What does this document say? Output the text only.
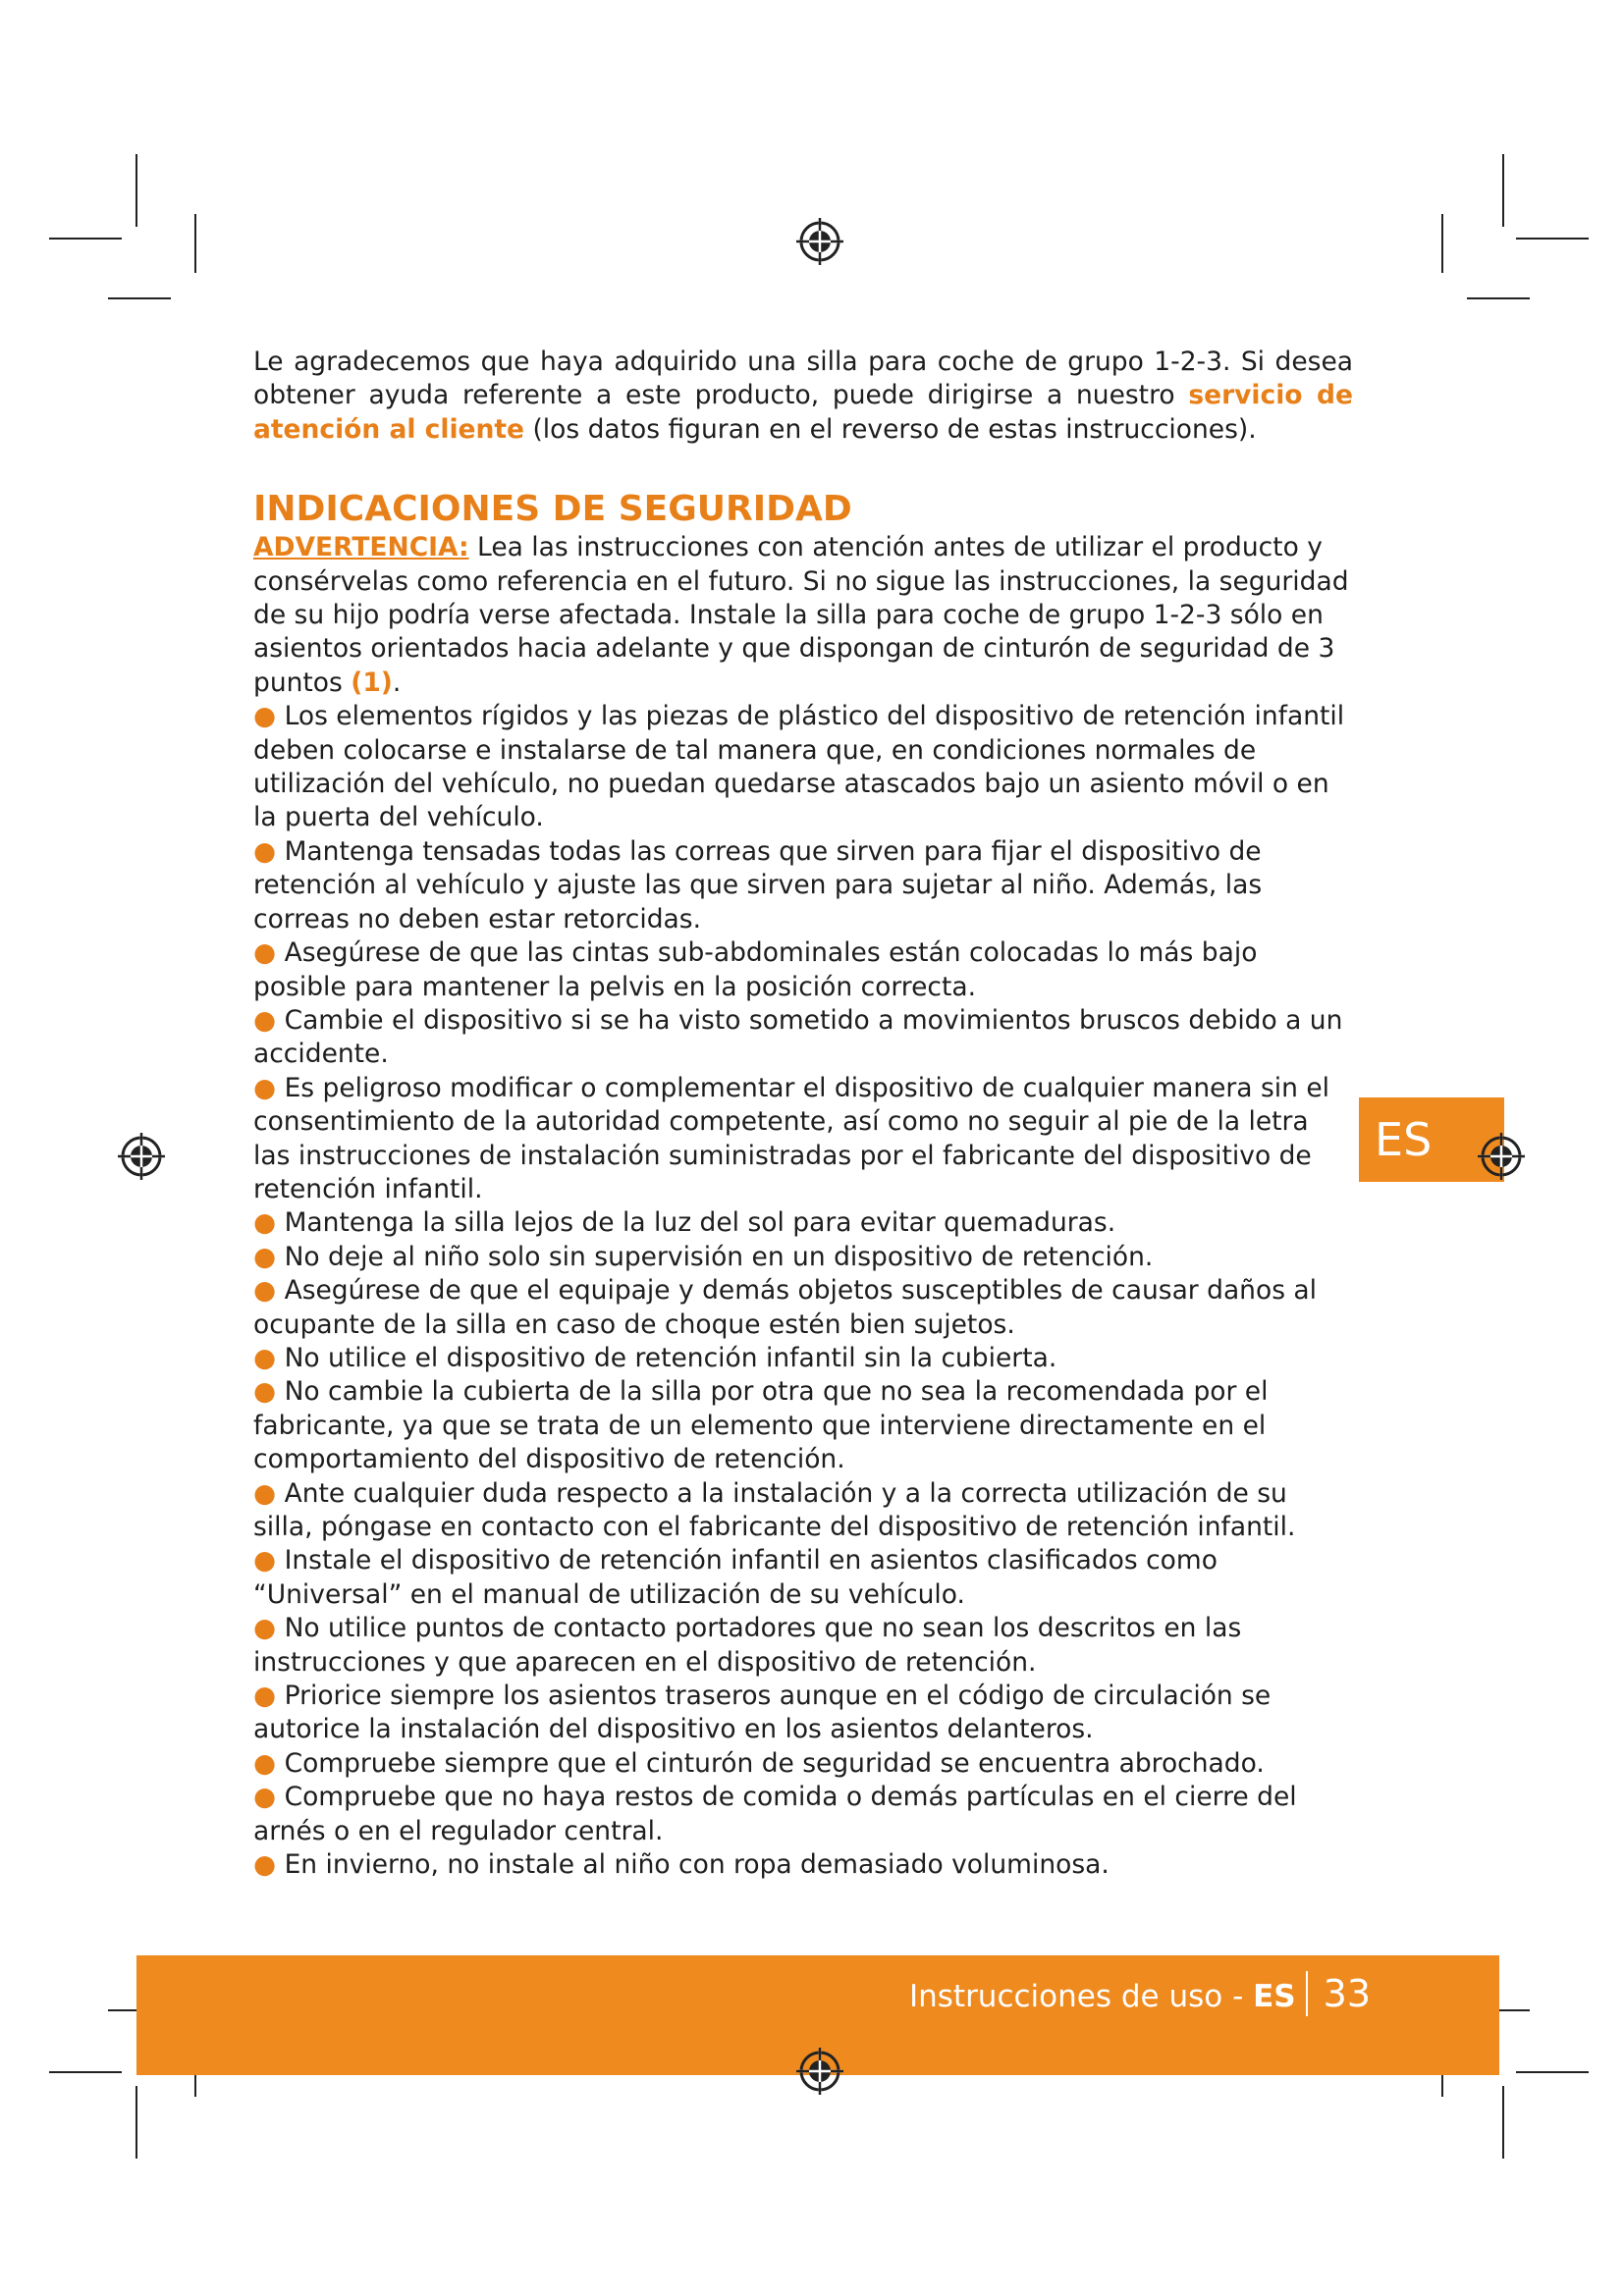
Le agradecemos que haya adquirido una silla para coche de grupo 1-2-3. Si desea obtener ayuda referente a este producto, puede dirigirse a nuestro servicio de atención al cliente (los datos figuran en el reverso de estas instrucciones).

INDICACIONES DE SEGURIDAD

ADVERTENCIA: Lea las instrucciones con atención antes de utilizar el producto y consérvelas como referencia en el futuro. Si no sigue las instrucciones, la seguridad de su hijo podría verse afectada. Instale la silla para coche de grupo 1-2-3 sólo en asientos orientados hacia adelante y que dispongan de cinturón de seguridad de 3 puntos (1).

● Los elementos rígidos y las piezas de plástico del dispositivo de retención infantil deben colocarse e instalarse de tal manera que, en condiciones normales de utilización del vehículo, no puedan quedarse atascados bajo un asiento móvil o en la puerta del vehículo.
● Mantenga tensadas todas las correas que sirven para fijar el dispositivo de retención al vehículo y ajuste las que sirven para sujetar al niño. Además, las correas no deben estar retorcidas.
● Asegúrese de que las cintas sub-abdominales están colocadas lo más bajo posible para mantener la pelvis en la posición correcta.
● Cambie el dispositivo si se ha visto sometido a movimientos bruscos debido a un accidente.
● Es peligroso modificar o complementar el dispositivo de cualquier manera sin el consentimiento de la autoridad competente, así como no seguir al pie de la letra las instrucciones de instalación suministradas por el fabricante del dispositivo de retención infantil.
● Mantenga la silla lejos de la luz del sol para evitar quemaduras.
● No deje al niño solo sin supervisión en un dispositivo de retención.
● Asegúrese de que el equipaje y demás objetos susceptibles de causar daños al ocupante de la silla en caso de choque estén bien sujetos.
● No utilice el dispositivo de retención infantil sin la cubierta.
● No cambie la cubierta de la silla por otra que no sea la recomendada por el fabricante, ya que se trata de un elemento que interviene directamente en el comportamiento del dispositivo de retención.
● Ante cualquier duda respecto a la instalación y a la correcta utilización de su silla, póngase en contacto con el fabricante del dispositivo de retención infantil.
● Instale el dispositivo de retención infantil en asientos clasificados como “Universal” en el manual de utilización de su vehículo.
● No utilice puntos de contacto portadores que no sean los descritos en las instrucciones y que aparecen en el dispositivo de retención.
● Priorice siempre los asientos traseros aunque en el código de circulación se autorice la instalación del dispositivo en los asientos delanteros.
● Compruebe siempre que el cinturón de seguridad se encuentra abrochado.
● Compruebe que no haya restos de comida o demás partículas en el cierre del arnés o en el regulador central.
● En invierno, no instale al niño con ropa demasiado voluminosa.
ES
Instrucciones de uso - ES 33
